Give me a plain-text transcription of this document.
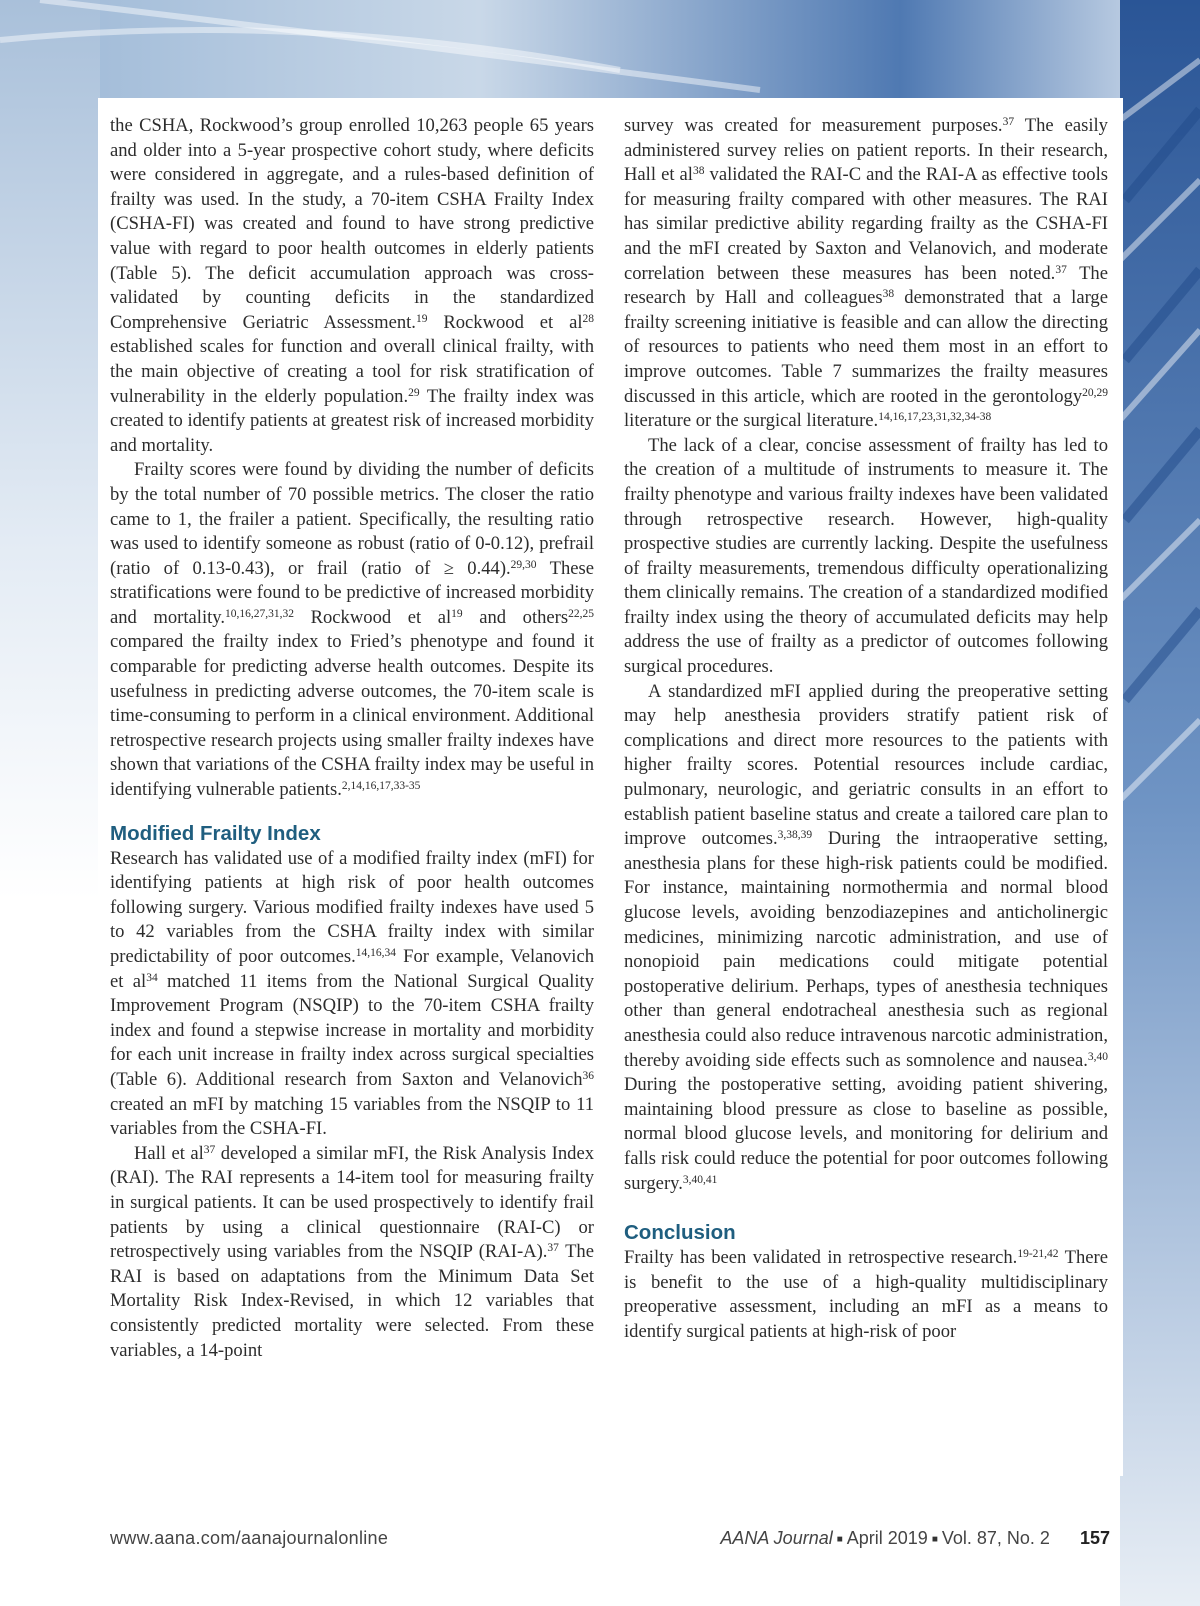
the CSHA, Rockwood’s group enrolled 10,263 people 65 years and older into a 5-year prospective cohort study, where deficits were considered in aggregate, and a rules-based definition of frailty was used. In the study, a 70-item CSHA Frailty Index (CSHA-FI) was created and found to have strong predictive value with regard to poor health outcomes in elderly patients (Table 5). The deficit accumulation approach was cross-validated by counting deficits in the standardized Comprehensive Geriatric Assessment.$^{19}$ Rockwood et $al^{28}$ established scales for function and overall clinical frailty, with the main objective of creating a tool for risk stratification of vulnerability in the elderly population.$^{29}$ The frailty index was created to identify patients at greatest risk of increased morbidity and mortality.

Frailty scores were found by dividing the number of deficits by the total number of 70 possible metrics. The closer the ratio came to 1, the frailer a patient. Specifically, the resulting ratio was used to identify someone as robust (ratio of 0-0.12), prefrail (ratio of 0.13-0.43), or frail (ratio of ≥ 0.44).$^{29,30}$ These stratifications were found to be predictive of increased morbidity and mortality.$^{10,16,27,31,32}$ Rockwood et $al^{19}$ and others$^{22,25}$ compared the frailty index to Fried’s phenotype and found it comparable for predicting adverse health outcomes. Despite its usefulness in predicting adverse outcomes, the 70-item scale is time-consuming to perform in a clinical environment. Additional retrospective research projects using smaller frailty indexes have shown that variations of the CSHA frailty index may be useful in identifying vulnerable patients.$^{2,14,16,17,33-35}$

Modified Frailty Index

Research has validated use of a modified frailty index (mFI) for identifying patients at high risk of poor health outcomes following surgery. Various modified frailty indexes have used 5 to 42 variables from the CSHA frailty index with similar predictability of poor outcomes.$^{14,16,34}$ For example, Velanovich et $al^{34}$ matched 11 items from the National Surgical Quality Improvement Program (NSQIP) to the 70-item CSHA frailty index and found a stepwise increase in mortality and morbidity for each unit increase in frailty index across surgical specialties (Table 6). Additional research from Saxton and Velanovich$^{36}$ created an mFI by matching 15 variables from the NSQIP to 11 variables from the CSHA-FI.

Hall et $al^{37}$ developed a similar mFI, the Risk Analysis Index (RAI). The RAI represents a 14-item tool for measuring frailty in surgical patients. It can be used prospectively to identify frail patients by using a clinical questionnaire (RAI-C) or retrospectively using variables from the NSQIP (RAI-A).$^{37}$ The RAI is based on adaptations from the Minimum Data Set Mortality Risk Index-Revised, in which 12 variables that consistently predicted mortality were selected. From these variables, a 14-point

survey was created for measurement purposes.$^{37}$ The easily administered survey relies on patient reports. In their research, Hall et $al^{38}$ validated the RAI-C and the RAI-A as effective tools for measuring frailty compared with other measures. The RAI has similar predictive ability regarding frailty as the CSHA-FI and the mFI created by Saxton and Velanovich, and moderate correlation between these measures has been noted.$^{37}$ The research by Hall and colleagues$^{38}$ demonstrated that a large frailty screening initiative is feasible and can allow the directing of resources to patients who need them most in an effort to improve outcomes. Table 7 summarizes the frailty measures discussed in this article, which are rooted in the gerontology$^{20,29}$ literature or the surgical literature.$^{14,16,17,23,31,32,34-38}$

The lack of a clear, concise assessment of frailty has led to the creation of a multitude of instruments to measure it. The frailty phenotype and various frailty indexes have been validated through retrospective research. However, high-quality prospective studies are currently lacking. Despite the usefulness of frailty measurements, tremendous difficulty operationalizing them clinically remains. The creation of a standardized modified frailty index using the theory of accumulated deficits may help address the use of frailty as a predictor of outcomes following surgical procedures.

A standardized mFI applied during the preoperative setting may help anesthesia providers stratify patient risk of complications and direct more resources to the patients with higher frailty scores. Potential resources include cardiac, pulmonary, neurologic, and geriatric consults in an effort to establish patient baseline status and create a tailored care plan to improve outcomes.$^{3,38,39}$ During the intraoperative setting, anesthesia plans for these high-risk patients could be modified. For instance, maintaining normothermia and normal blood glucose levels, avoiding benzodiazepines and anticholinergic medicines, minimizing narcotic administration, and use of nonopioid pain medications could mitigate potential postoperative delirium. Perhaps, types of anesthesia techniques other than general endotracheal anesthesia such as regional anesthesia could also reduce intravenous narcotic administration, thereby avoiding side effects such as somnolence and nausea.$^{3,40}$ During the postoperative setting, avoiding patient shivering, maintaining blood pressure as close to baseline as possible, normal blood glucose levels, and monitoring for delirium and falls risk could reduce the potential for poor outcomes following surgery.$^{3,40,41}$

Conclusion

Frailty has been validated in retrospective research.$^{19-21,42}$ There is benefit to the use of a high-quality multidisciplinary preoperative assessment, including an mFI as a means to identify surgical patients at high-risk of poor

www.aana.com/aanajournalonline	AANA Journal ■ April 2019 ■ Vol. 87, No. 2 157
